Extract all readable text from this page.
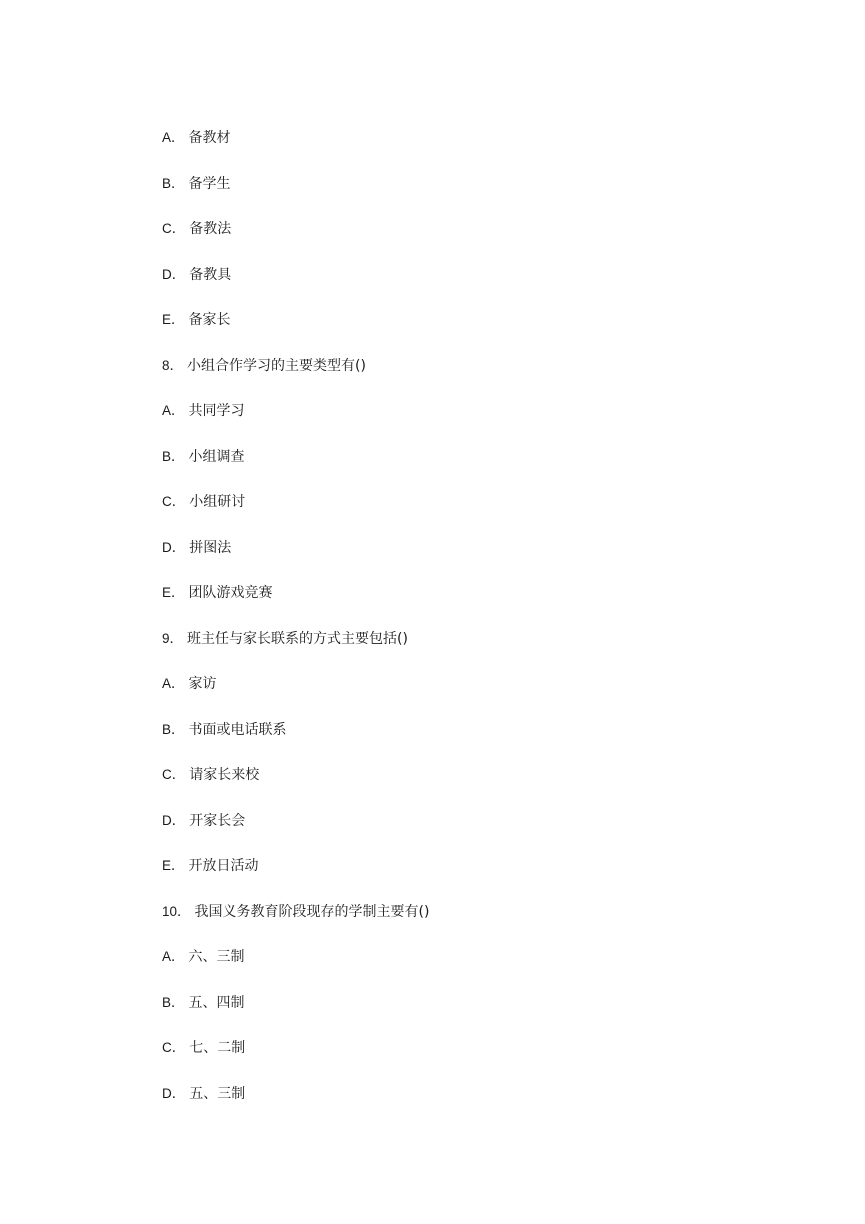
A． 备教材
B． 备学生
C． 备教法
D． 备教具
E． 备家长
8． 小组合作学习的主要类型有()
A． 共同学习
B． 小组调查
C． 小组研讨
D． 拼图法
E． 团队游戏竞赛
9． 班主任与家长联系的方式主要包括()
A． 家访
B． 书面或电话联系
C． 请家长来校
D． 开家长会
E． 开放日活动
10． 我国义务教育阶段现存的学制主要有()
A． 六、三制
B． 五、四制
C． 七、二制
D． 五、三制
